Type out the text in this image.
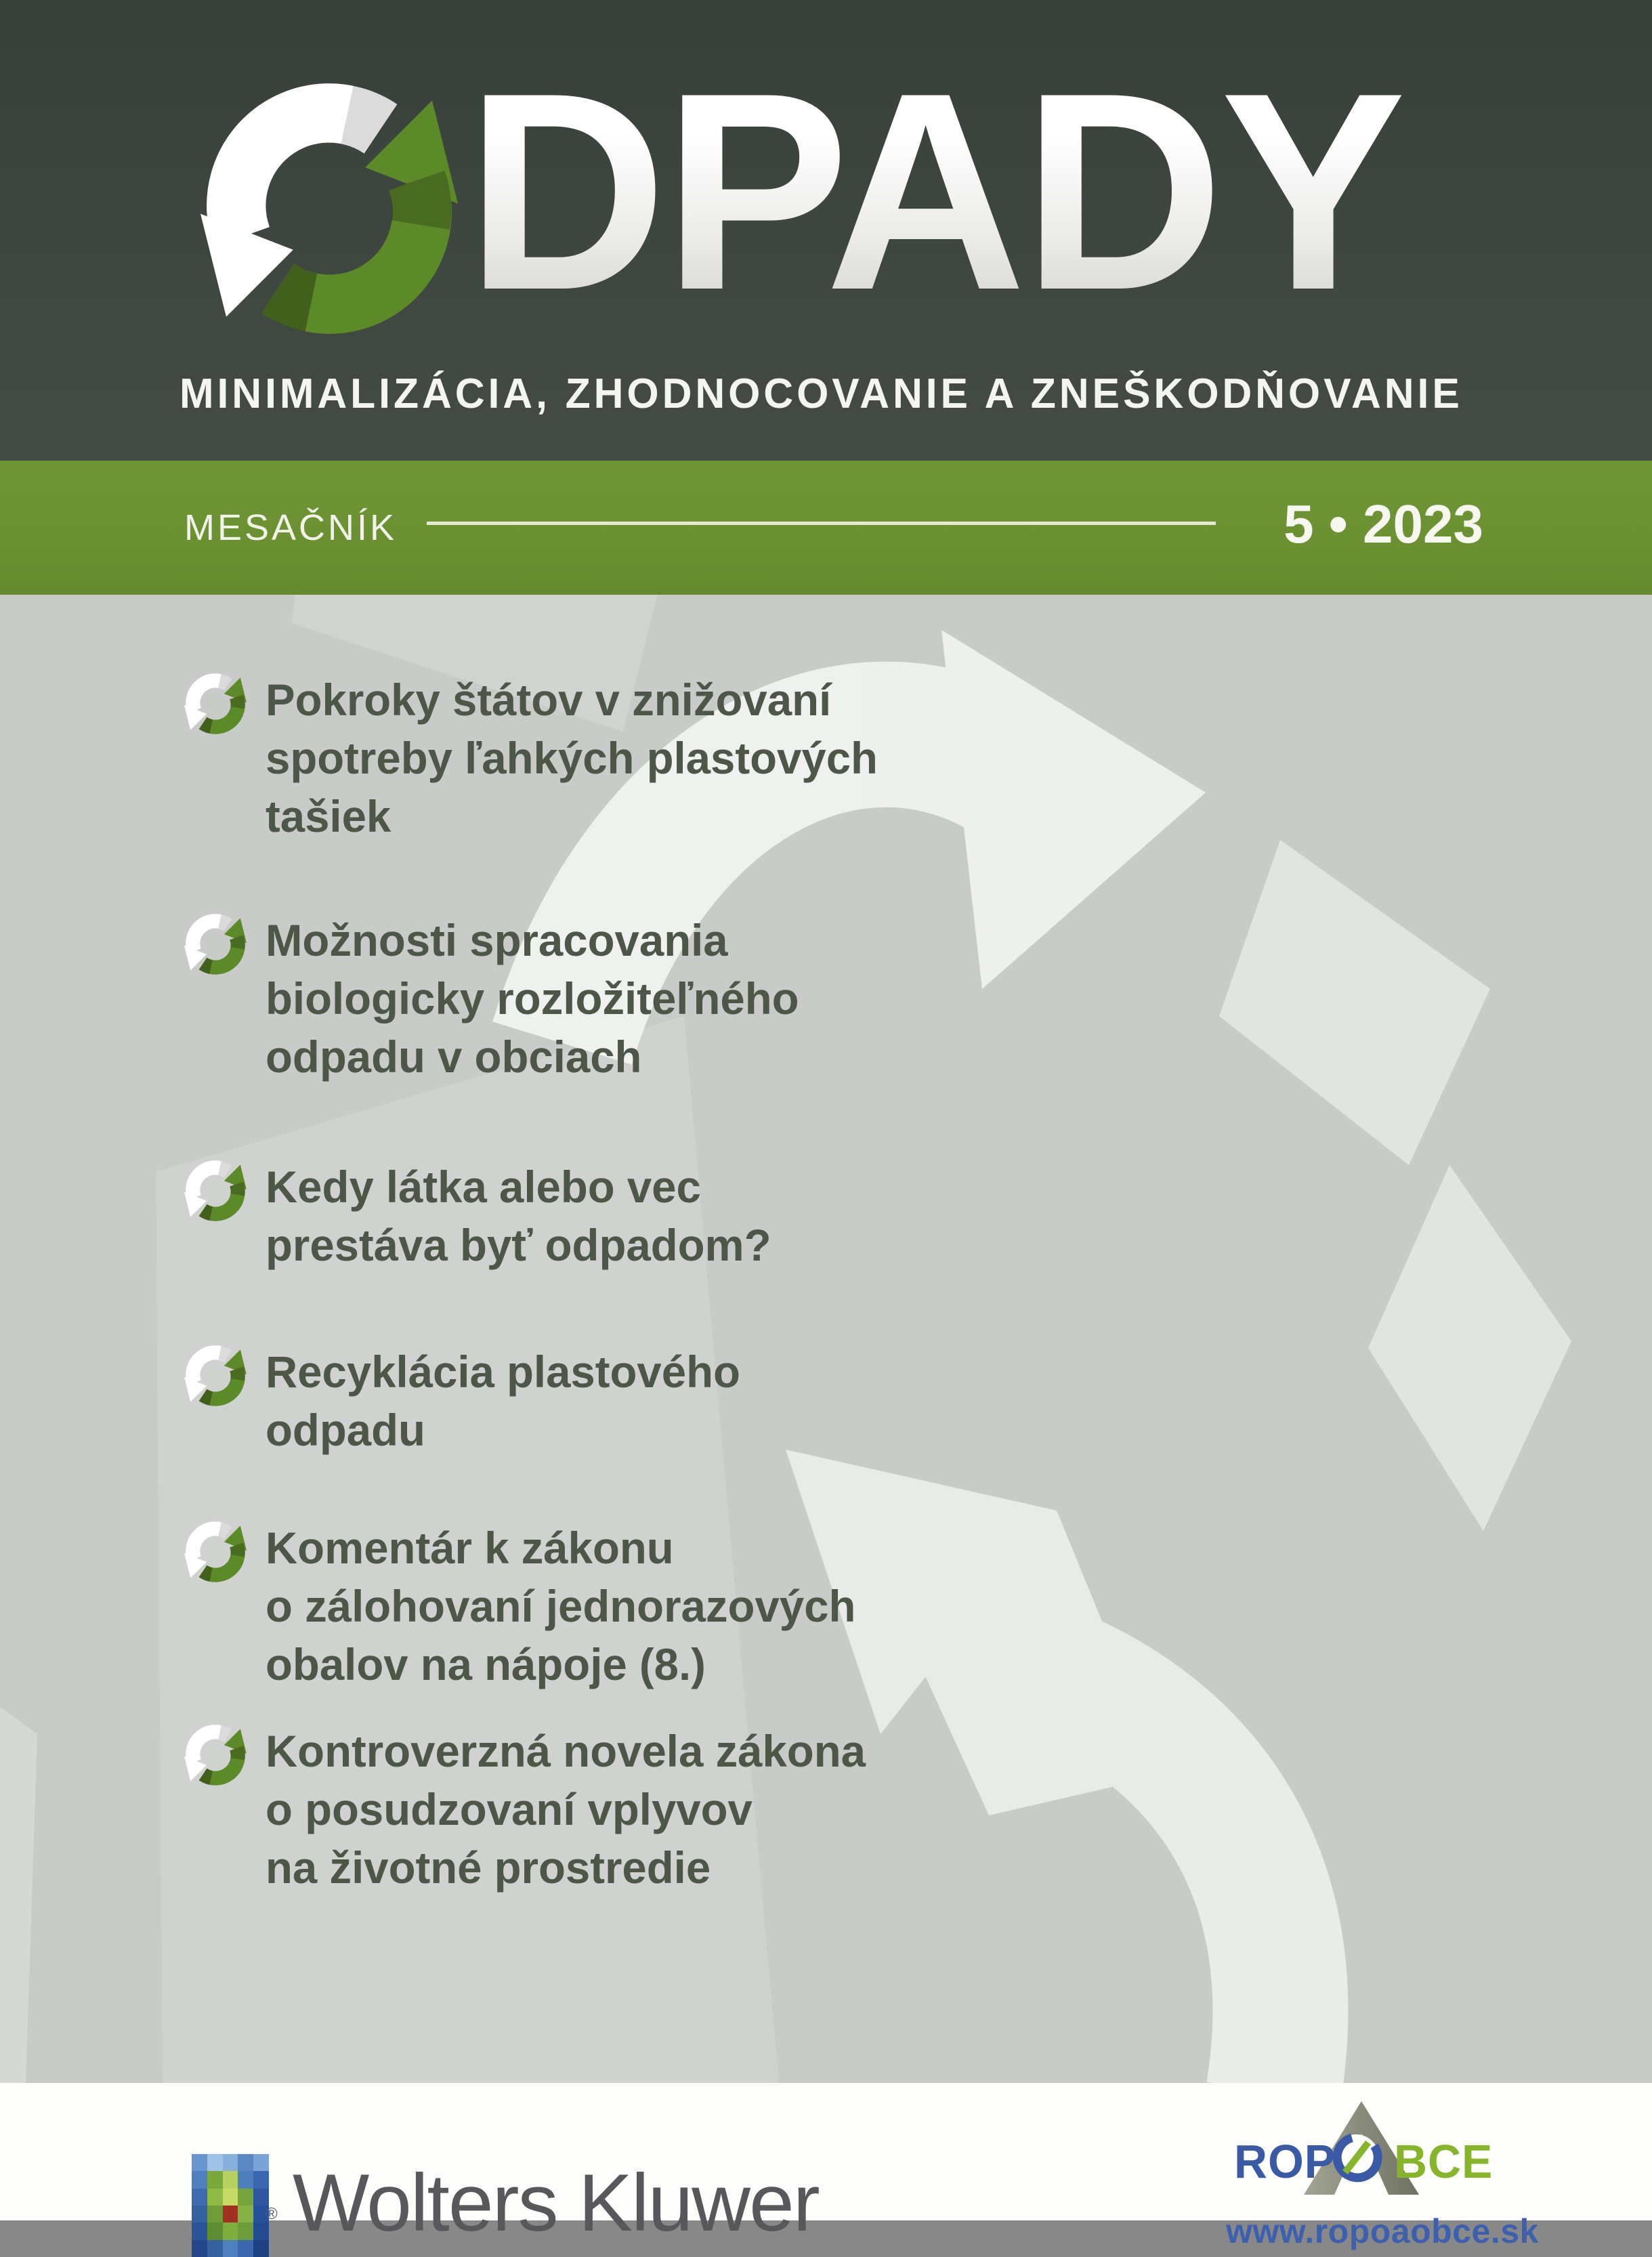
DPADY
MINIMALIZÁCIA, ZHODNOCOVANIE A ZNEŠKODŇOVANIE
MESAČNÍK	5 • 2023
Pokroky štátov v znižovaní
spotreby ľahkých plastových
tašiek
Možnosti spracovania
biologicky rozložiteľného
odpadu v obciach
Kedy látka alebo vec
prestáva byť odpadom?
Recyklácia plastového
odpadu
Komentár k zákonu
o zálohovaní jednorazových
obalov na nápoje (8.)
Kontroverzná novela zákona
o posudzovaní vplyvov
na životné prostredie
® Wolters Kluwer	ROP BCE
www.ropoaobce.sk
